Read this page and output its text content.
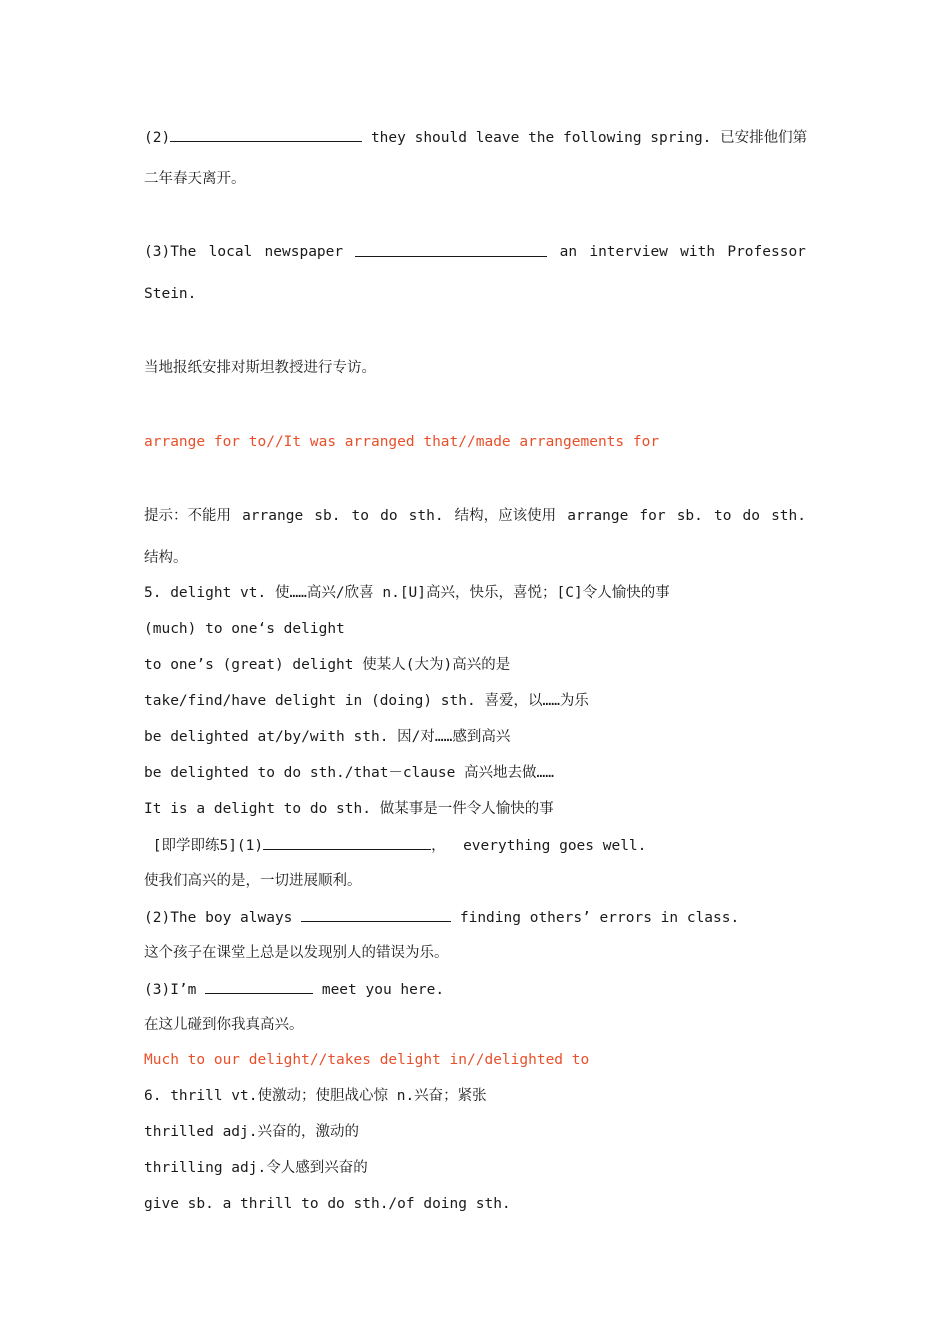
(2)	they should leave the following spring. 已安排他们第
二年春天离开。
(3)The local newspaper	an interview with Professor
Stein.
当地报纸安排对斯坦教授进行专访。
arrange for to//It was arranged that//made arrangements for
提示：不能用 arrange sb. to do sth. 结构，应该使用 arrange for sb. to do sth.
结构。
5. delight vt. 使……高兴/欣喜 n.[U]高兴，快乐，喜悦；[C]令人愉快的事
(much) to one‘s delight
to one’s (great) delight 使某人(大为)高兴的是
take/find/have delight in (doing) sth. 喜爱，以……为乐
be delighted at/by/with sth. 因/对……感到高兴
be delighted to do sth./that－clause 高兴地去做……
It is a delight to do sth. 做某事是一件令人愉快的事
[即学即练5](1)	，  everything goes well.
使我们高兴的是，一切进展顺利。
(2)The boy always	finding others’ errors in class.
这个孩子在课堂上总是以发现别人的错误为乐。
(3)I’m	meet you here.
在这儿碰到你我真高兴。
Much to our delight//takes delight in//delighted to
6. thrill vt.使激动；使胆战心惊 n.兴奋；紧张
thrilled adj.兴奋的，激动的
thrilling adj.令人感到兴奋的
give sb. a thrill to do sth./of doing sth.
